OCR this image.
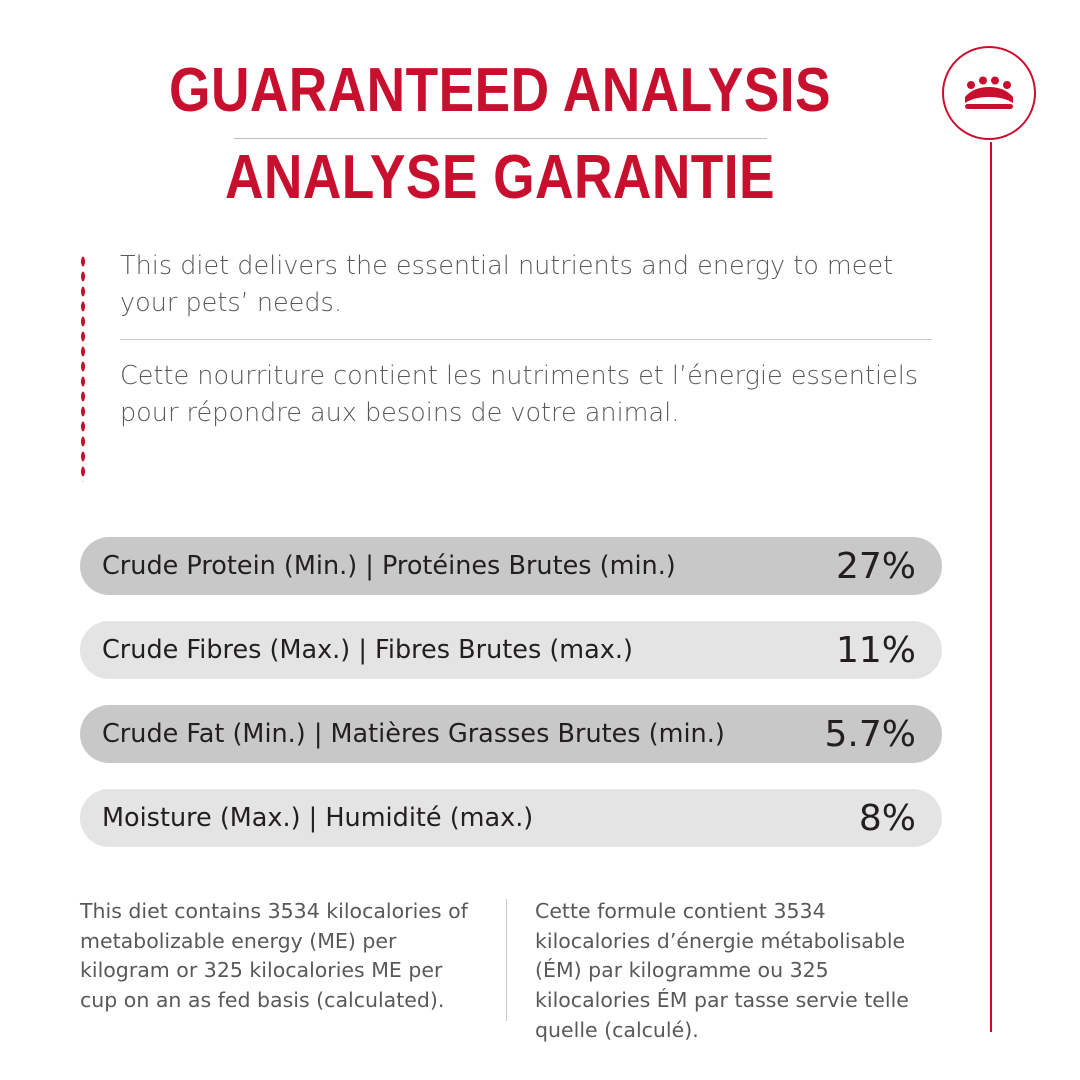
GUARANTEED ANALYSIS
ANALYSE GARANTIE
This diet delivers the essential nutrients and energy to meet your pets’ needs.
Cette nourriture contient les nutriments et l’énergie essentiels pour répondre aux besoins de votre animal.
Crude Protein (Min.) | Protéines Brutes (min.)	27%
Crude Fibres (Max.) | Fibres Brutes (max.)	11%
Crude Fat (Min.) | Matières Grasses Brutes (min.)	5.7%
Moisture (Max.) | Humidité (max.)	8%
This diet contains 3534 kilocalories of metabolizable energy (ME) per kilogram or 325 kilocalories ME per cup on an as fed basis (calculated).
Cette formule contient 3534 kilocalories d’énergie métabolisable (ÉM) par kilogramme ou 325 kilocalories ÉM par tasse servie telle quelle (calculé).
